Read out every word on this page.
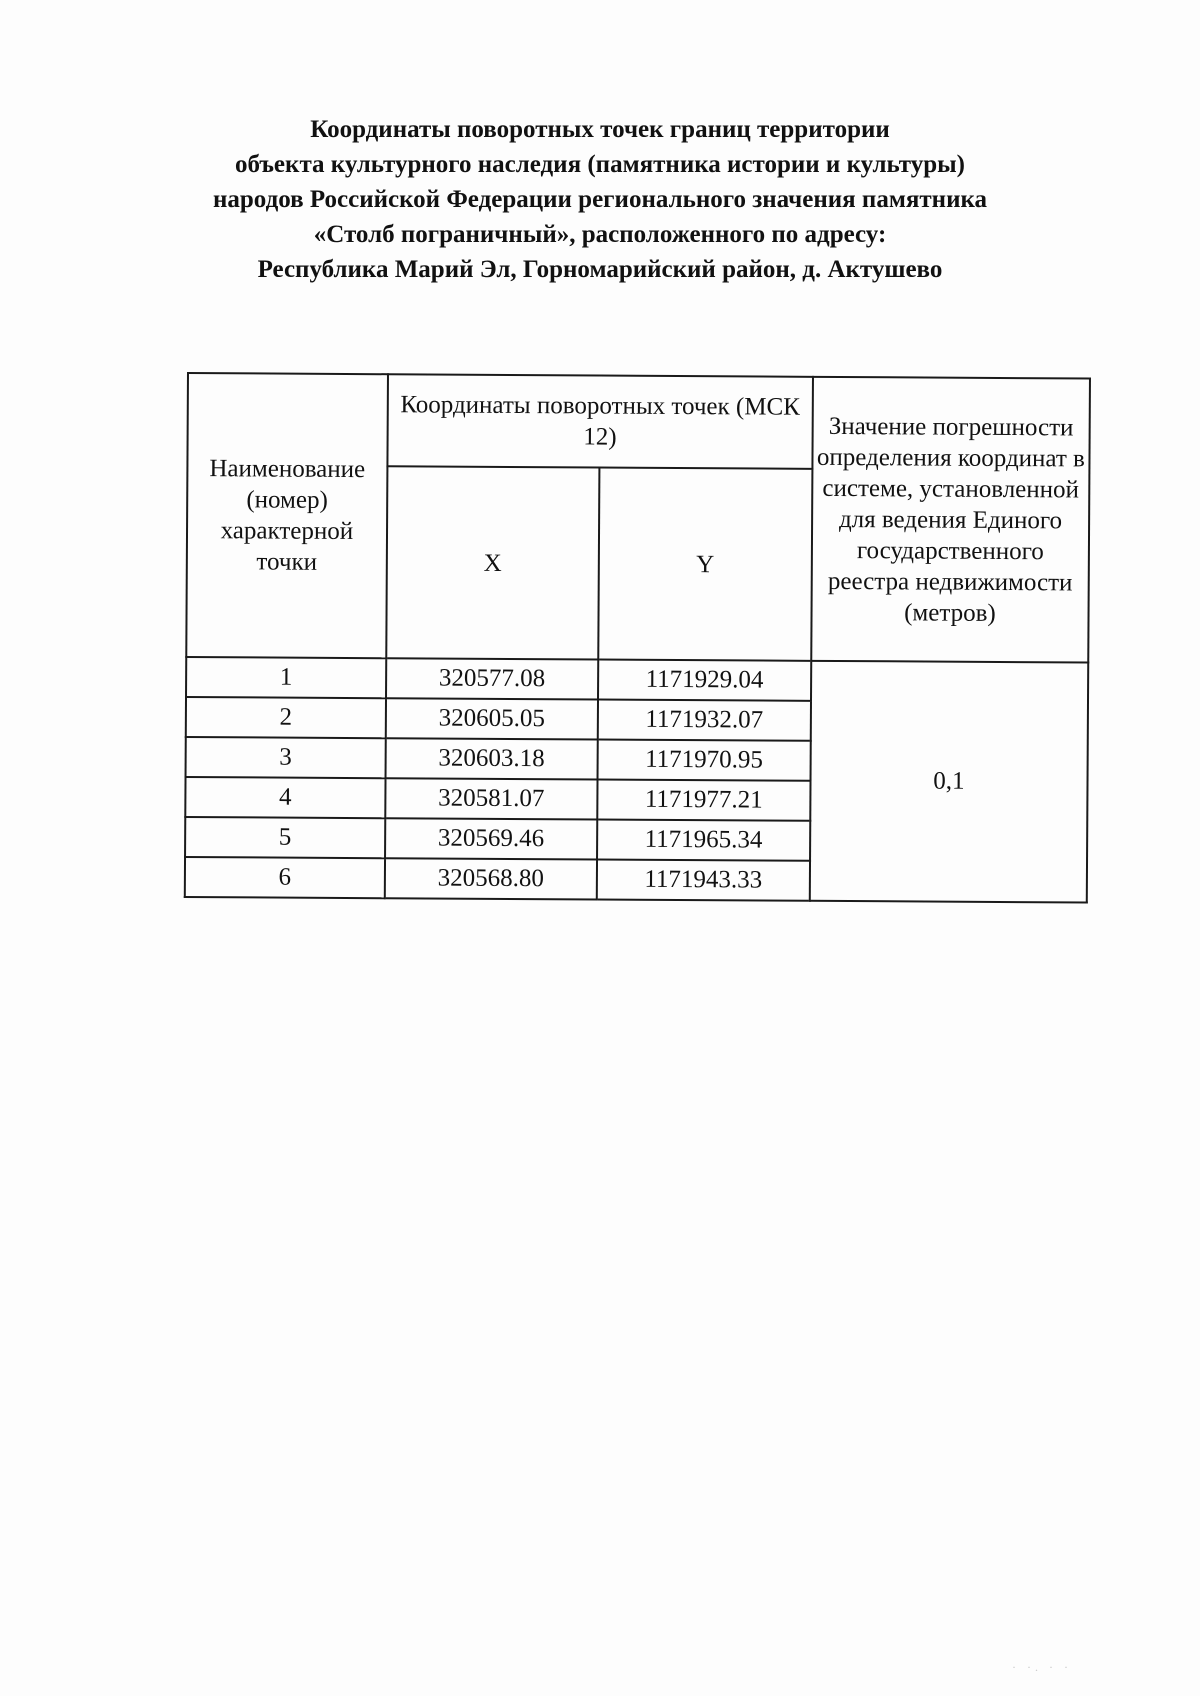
Координаты поворотных точек границ территории
объекта культурного наследия (памятника истории и культуры)
народов Российской Федерации регионального значения памятника
«Столб пограничный», расположенного по адресу:
Республика Марий Эл, Горномарийский район, д. Актушево
Наименование (номер) характерной точки	Координаты поворотных точек (МСК 12)		Значение погрешности определения координат в системе, установленной для ведения Единого государственного реестра недвижимости (метров)
	X	Y	
1	320577.08	1171929.04	0,1
2	320605.05	1171932.07	
3	320603.18	1171970.95	
4	320581.07	1171977.21	
5	320569.46	1171965.34	
6	320568.80	1171943.33	
· ·. · ·
